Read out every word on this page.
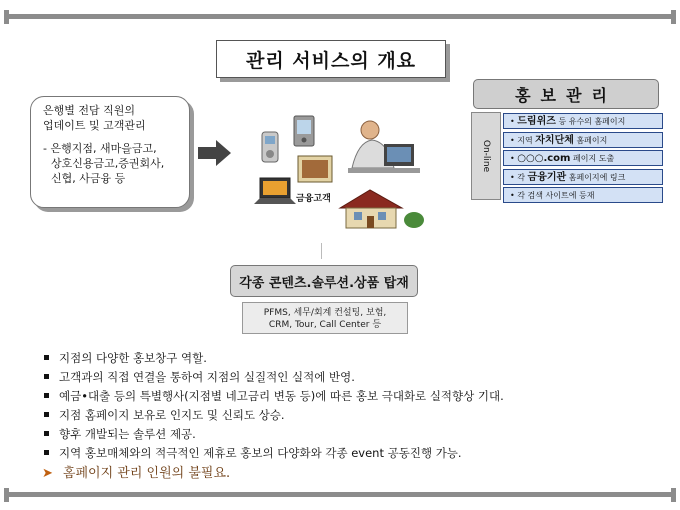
관리 서비스의 개요
은행별 전담 직원의
업데이트 및 고객관리
- 은행지점, 새마을금고,
상호신용금고,증권회사,
신협, 사금융 등
금융고객
각종 콘텐츠.솔루션.상품 탑재
PFMS, 세무/회계 컨설팅, 보험,
CRM, Tour, Call Center 등
홍보관리
On-line
• 드림위즈 등 유수의 홈페이지
• 지역 자치단체 홈페이지
• ○○○.com 페이지 도출
• 각 금융기관 홈페이지에 링크
• 각 검색 사이트에 등재
지점의 다양한 홍보창구 역할.
고객과의 직접 연결을 통하여 지점의 실질적인 실적에 반영.
예금•대출 등의 특별행사(지점별 네고금리 변동 등)에 따른 홍보 극대화로 실적향상 기대.
지점 홈페이지 보유로 인지도 및 신뢰도 상승.
향후 개발되는 솔루션 제공.
지역 홍보매체와의 적극적인 제휴로 홍보의 다양화와 각종 event 공동진행 가능.
➤ 홈페이지 관리 인원의 불필요.
